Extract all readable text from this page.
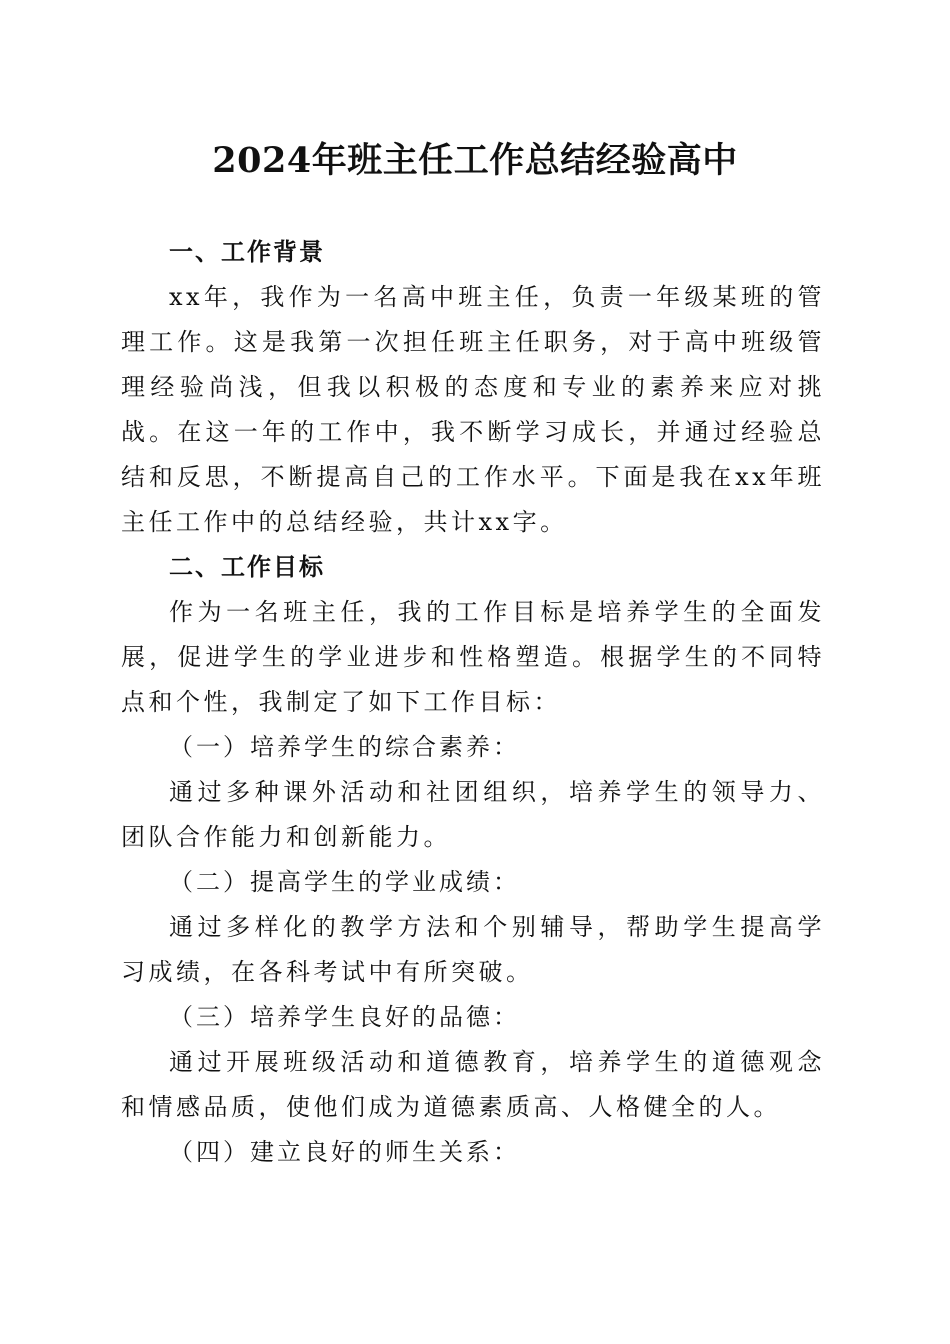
2024年班主任工作总结经验高中

一、工作背景

xx年，我作为一名高中班主任，负责一年级某班的管理工作。这是我第一次担任班主任职务，对于高中班级管理经验尚浅，但我以积极的态度和专业的素养来应对挑战。在这一年的工作中，我不断学习成长，并通过经验总结和反思，不断提高自己的工作水平。下面是我在xx年班主任工作中的总结经验，共计xx字。

二、工作目标

作为一名班主任，我的工作目标是培养学生的全面发展，促进学生的学业进步和性格塑造。根据学生的不同特点和个性，我制定了如下工作目标：

（一）培养学生的综合素养：

通过多种课外活动和社团组织，培养学生的领导力、团队合作能力和创新能力。

（二）提高学生的学业成绩：

通过多样化的教学方法和个别辅导，帮助学生提高学习成绩，在各科考试中有所突破。

（三）培养学生良好的品德：

通过开展班级活动和道德教育，培养学生的道德观念和情感品质，使他们成为道德素质高、人格健全的人。

（四）建立良好的师生关系：
